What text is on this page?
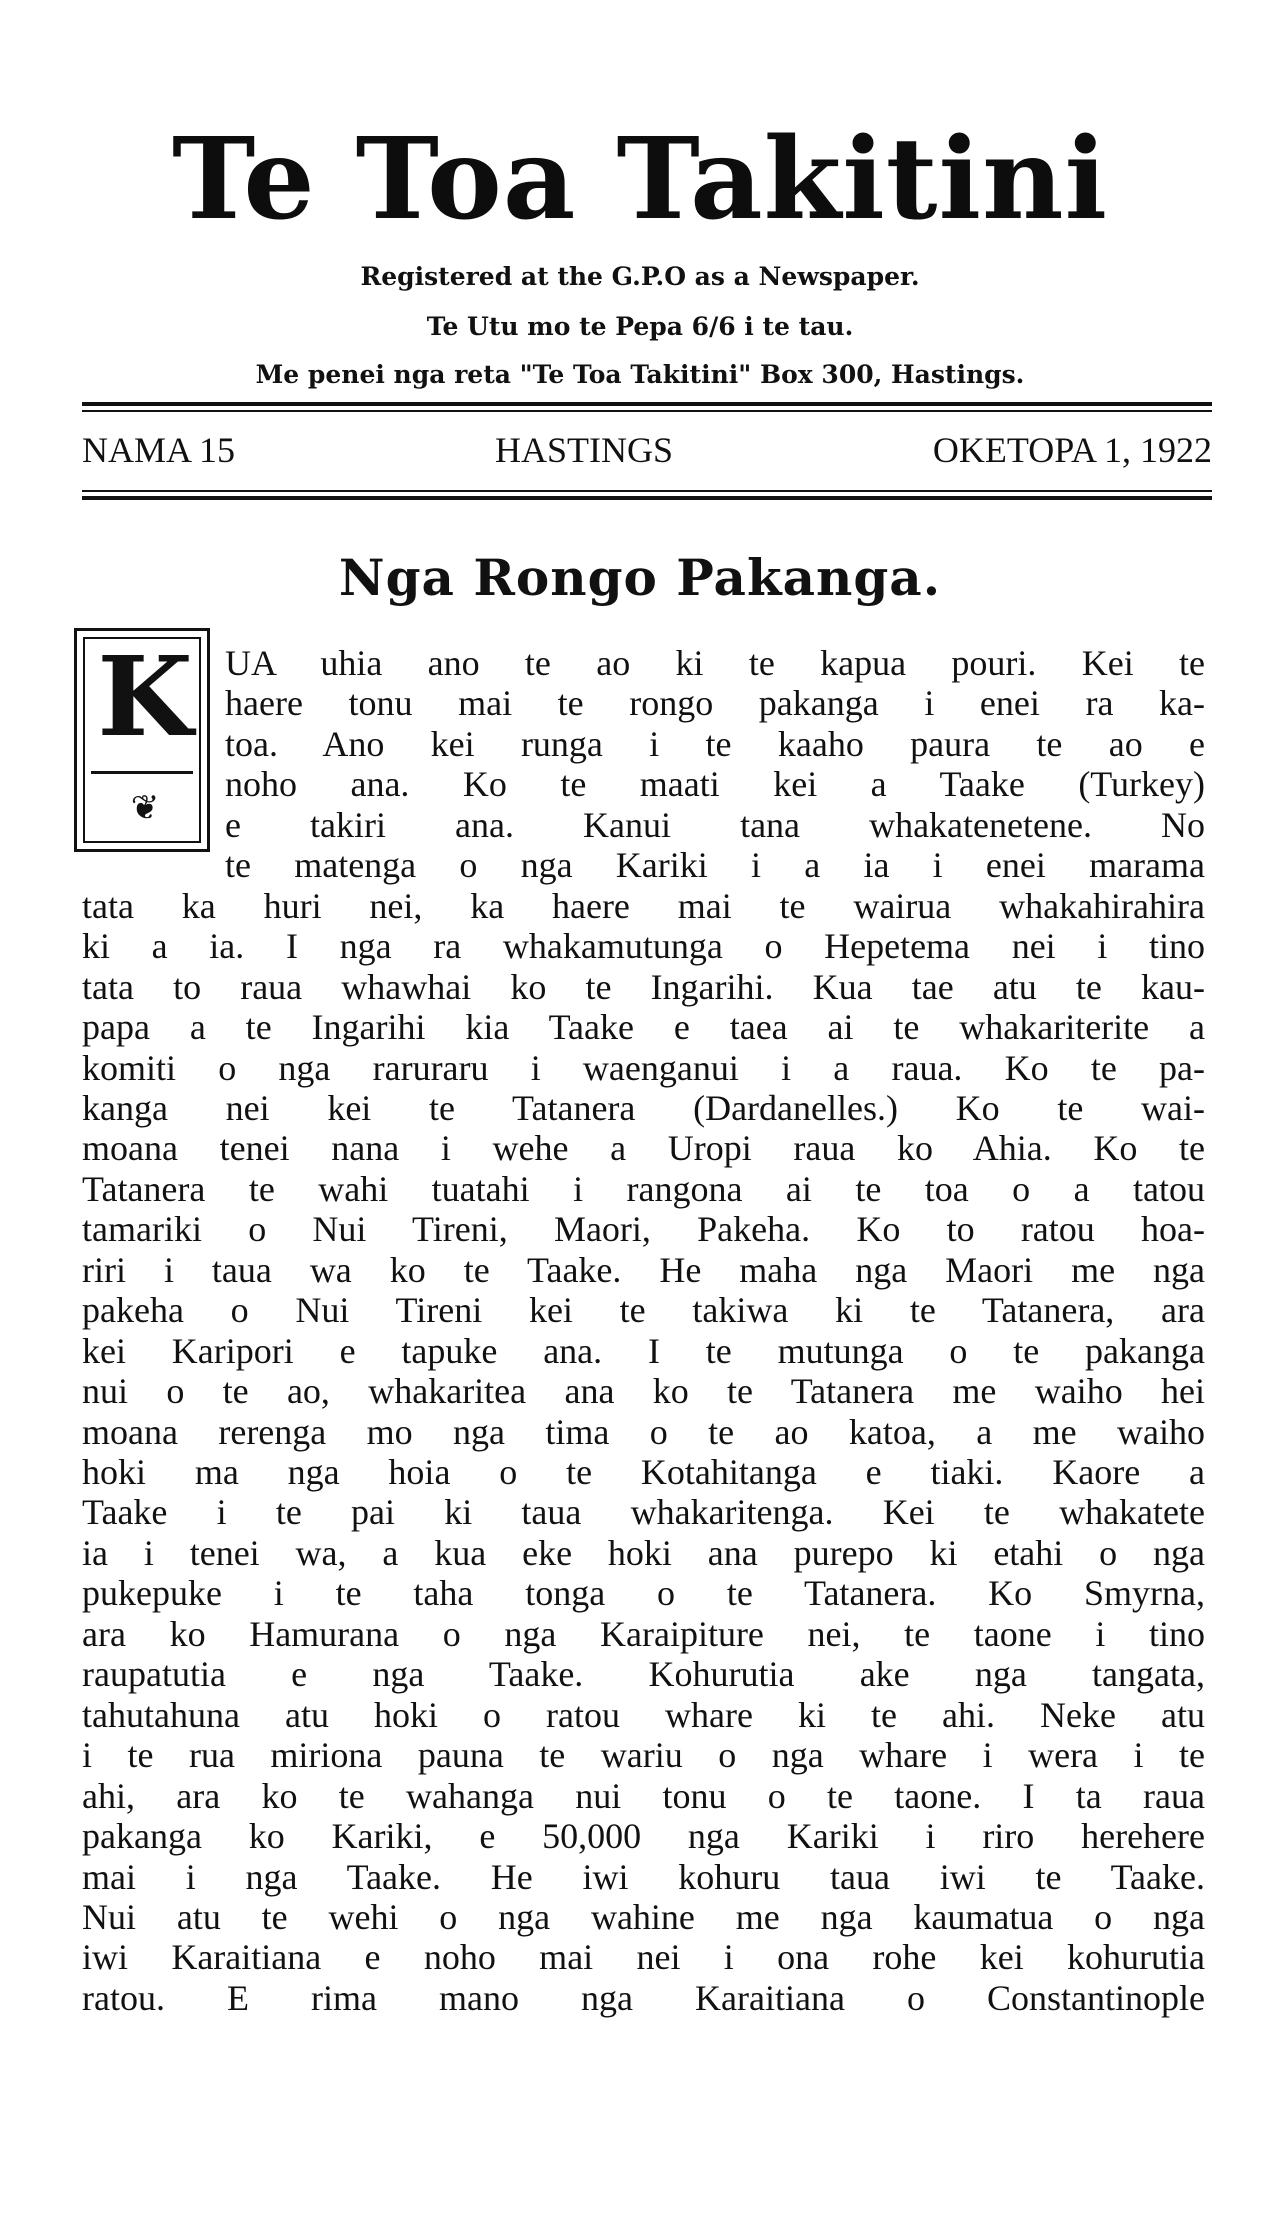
Te Toa Takitini
Registered at the G.P.O as a Newspaper.
Te Utu mo te Pepa 6/6 i te tau.
Me penei nga reta "Te Toa Takitini" Box 300, Hastings.
NAMA 15	HASTINGS	OKETOPA 1, 1922
Nga Rongo Pakanga.
K
❦
UA uhia ano te ao ki te kapua pouri. Kei te
haere tonu mai te rongo pakanga i enei ra ka-
toa. Ano kei runga i te kaaho paura te ao e
noho ana. Ko te maati kei a Taake (Turkey)
e takiri ana. Kanui tana whakatenetene. No
te matenga o nga Kariki i a ia i enei marama
tata ka huri nei, ka haere mai te wairua whakahirahira
ki a ia. I nga ra whakamutunga o Hepetema nei i tino
tata to raua whawhai ko te Ingarihi. Kua tae atu te kau-
papa a te Ingarihi kia Taake e taea ai te whakariterite a
komiti o nga raruraru i waenganui i a raua. Ko te pa-
kanga nei kei te Tatanera (Dardanelles.) Ko te wai-
moana tenei nana i wehe a Uropi raua ko Ahia. Ko te
Tatanera te wahi tuatahi i rangona ai te toa o a tatou
tamariki o Nui Tireni, Maori, Pakeha. Ko to ratou hoa-
riri i taua wa ko te Taake. He maha nga Maori me nga
pakeha o Nui Tireni kei te takiwa ki te Tatanera, ara
kei Karipori e tapuke ana. I te mutunga o te pakanga
nui o te ao, whakaritea ana ko te Tatanera me waiho hei
moana rerenga mo nga tima o te ao katoa, a me waiho
hoki ma nga hoia o te Kotahitanga e tiaki. Kaore a
Taake i te pai ki taua whakaritenga. Kei te whakatete
ia i tenei wa, a kua eke hoki ana purepo ki etahi o nga
pukepuke i te taha tonga o te Tatanera. Ko Smyrna,
ara ko Hamurana o nga Karaipiture nei, te taone i tino
raupatutia e nga Taake. Kohurutia ake nga tangata,
tahutahuna atu hoki o ratou whare ki te ahi. Neke atu
i te rua miriona pauna te wariu o nga whare i wera i te
ahi, ara ko te wahanga nui tonu o te taone. I ta raua
pakanga ko Kariki, e 50,000 nga Kariki i riro herehere
mai i nga Taake. He iwi kohuru taua iwi te Taake.
Nui atu te wehi o nga wahine me nga kaumatua o nga
iwi Karaitiana e noho mai nei i ona rohe kei kohurutia
ratou. E rima mano nga Karaitiana o Constantinople
